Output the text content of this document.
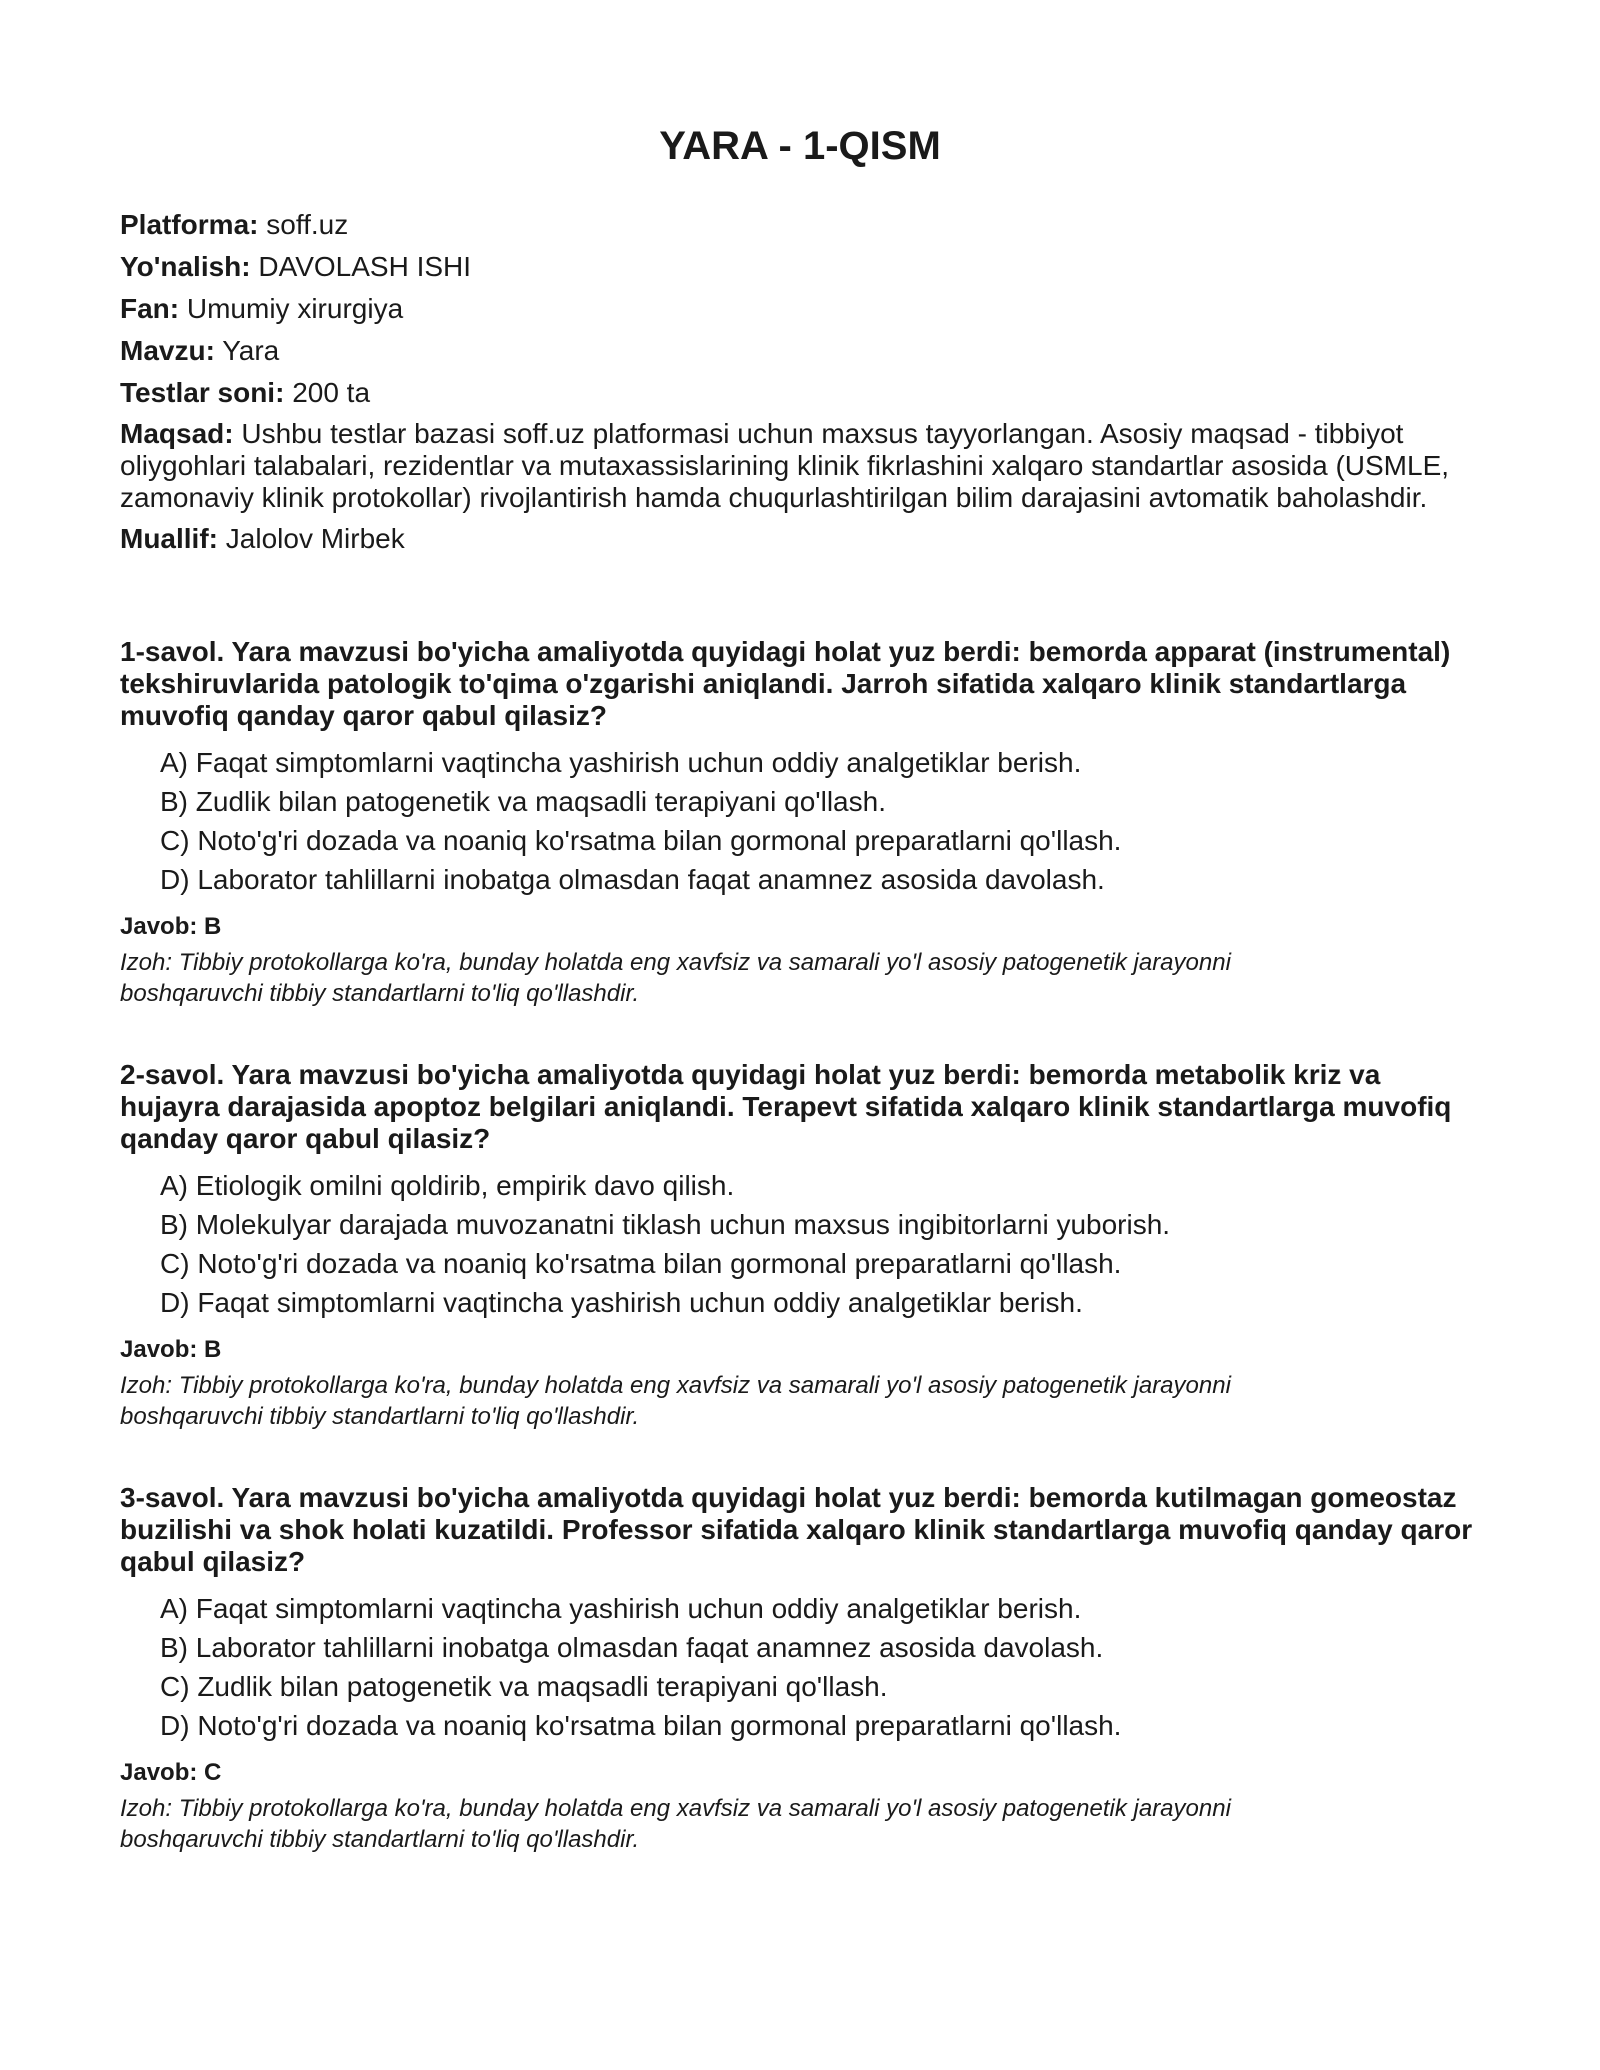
YARA - 1-QISM

Platforma: soff.uz

Yo'nalish: DAVOLASH ISHI

Fan: Umumiy xirurgiya

Mavzu: Yara

Testlar soni: 200 ta

Maqsad: Ushbu testlar bazasi soff.uz platformasi uchun maxsus tayyorlangan. Asosiy maqsad - tibbiyot oliygohlari talabalari, rezidentlar va mutaxassislarining klinik fikrlashini xalqaro standartlar asosida (USMLE, zamonaviy klinik protokollar) rivojlantirish hamda chuqurlashtirilgan bilim darajasini avtomatik baholashdir.

Muallif: Jalolov Mirbek

1-savol. Yara mavzusi bo'yicha amaliyotda quyidagi holat yuz berdi: bemorda apparat (instrumental) tekshiruvlarida patologik to'qima o'zgarishi aniqlandi. Jarroh sifatida xalqaro klinik standartlarga muvofiq qanday qaror qabul qilasiz?

A) Faqat simptomlarni vaqtincha yashirish uchun oddiy analgetiklar berish.
B) Zudlik bilan patogenetik va maqsadli terapiyani qo'llash.
C) Noto'g'ri dozada va noaniq ko'rsatma bilan gormonal preparatlarni qo'llash.
D) Laborator tahlillarni inobatga olmasdan faqat anamnez asosida davolash.

Javob: B

Izoh: Tibbiy protokollarga ko'ra, bunday holatda eng xavfsiz va samarali yo'l asosiy patogenetik jarayonni boshqaruvchi tibbiy standartlarni to'liq qo'llashdir.

2-savol. Yara mavzusi bo'yicha amaliyotda quyidagi holat yuz berdi: bemorda metabolik kriz va hujayra darajasida apoptoz belgilari aniqlandi. Terapevt sifatida xalqaro klinik standartlarga muvofiq qanday qaror qabul qilasiz?

A) Etiologik omilni qoldirib, empirik davo qilish.
B) Molekulyar darajada muvozanatni tiklash uchun maxsus ingibitorlarni yuborish.
C) Noto'g'ri dozada va noaniq ko'rsatma bilan gormonal preparatlarni qo'llash.
D) Faqat simptomlarni vaqtincha yashirish uchun oddiy analgetiklar berish.

Javob: B

Izoh: Tibbiy protokollarga ko'ra, bunday holatda eng xavfsiz va samarali yo'l asosiy patogenetik jarayonni boshqaruvchi tibbiy standartlarni to'liq qo'llashdir.

3-savol. Yara mavzusi bo'yicha amaliyotda quyidagi holat yuz berdi: bemorda kutilmagan gomeostaz buzilishi va shok holati kuzatildi. Professor sifatida xalqaro klinik standartlarga muvofiq qanday qaror qabul qilasiz?

A) Faqat simptomlarni vaqtincha yashirish uchun oddiy analgetiklar berish.
B) Laborator tahlillarni inobatga olmasdan faqat anamnez asosida davolash.
C) Zudlik bilan patogenetik va maqsadli terapiyani qo'llash.
D) Noto'g'ri dozada va noaniq ko'rsatma bilan gormonal preparatlarni qo'llash.

Javob: C

Izoh: Tibbiy protokollarga ko'ra, bunday holatda eng xavfsiz va samarali yo'l asosiy patogenetik jarayonni boshqaruvchi tibbiy standartlarni to'liq qo'llashdir.
